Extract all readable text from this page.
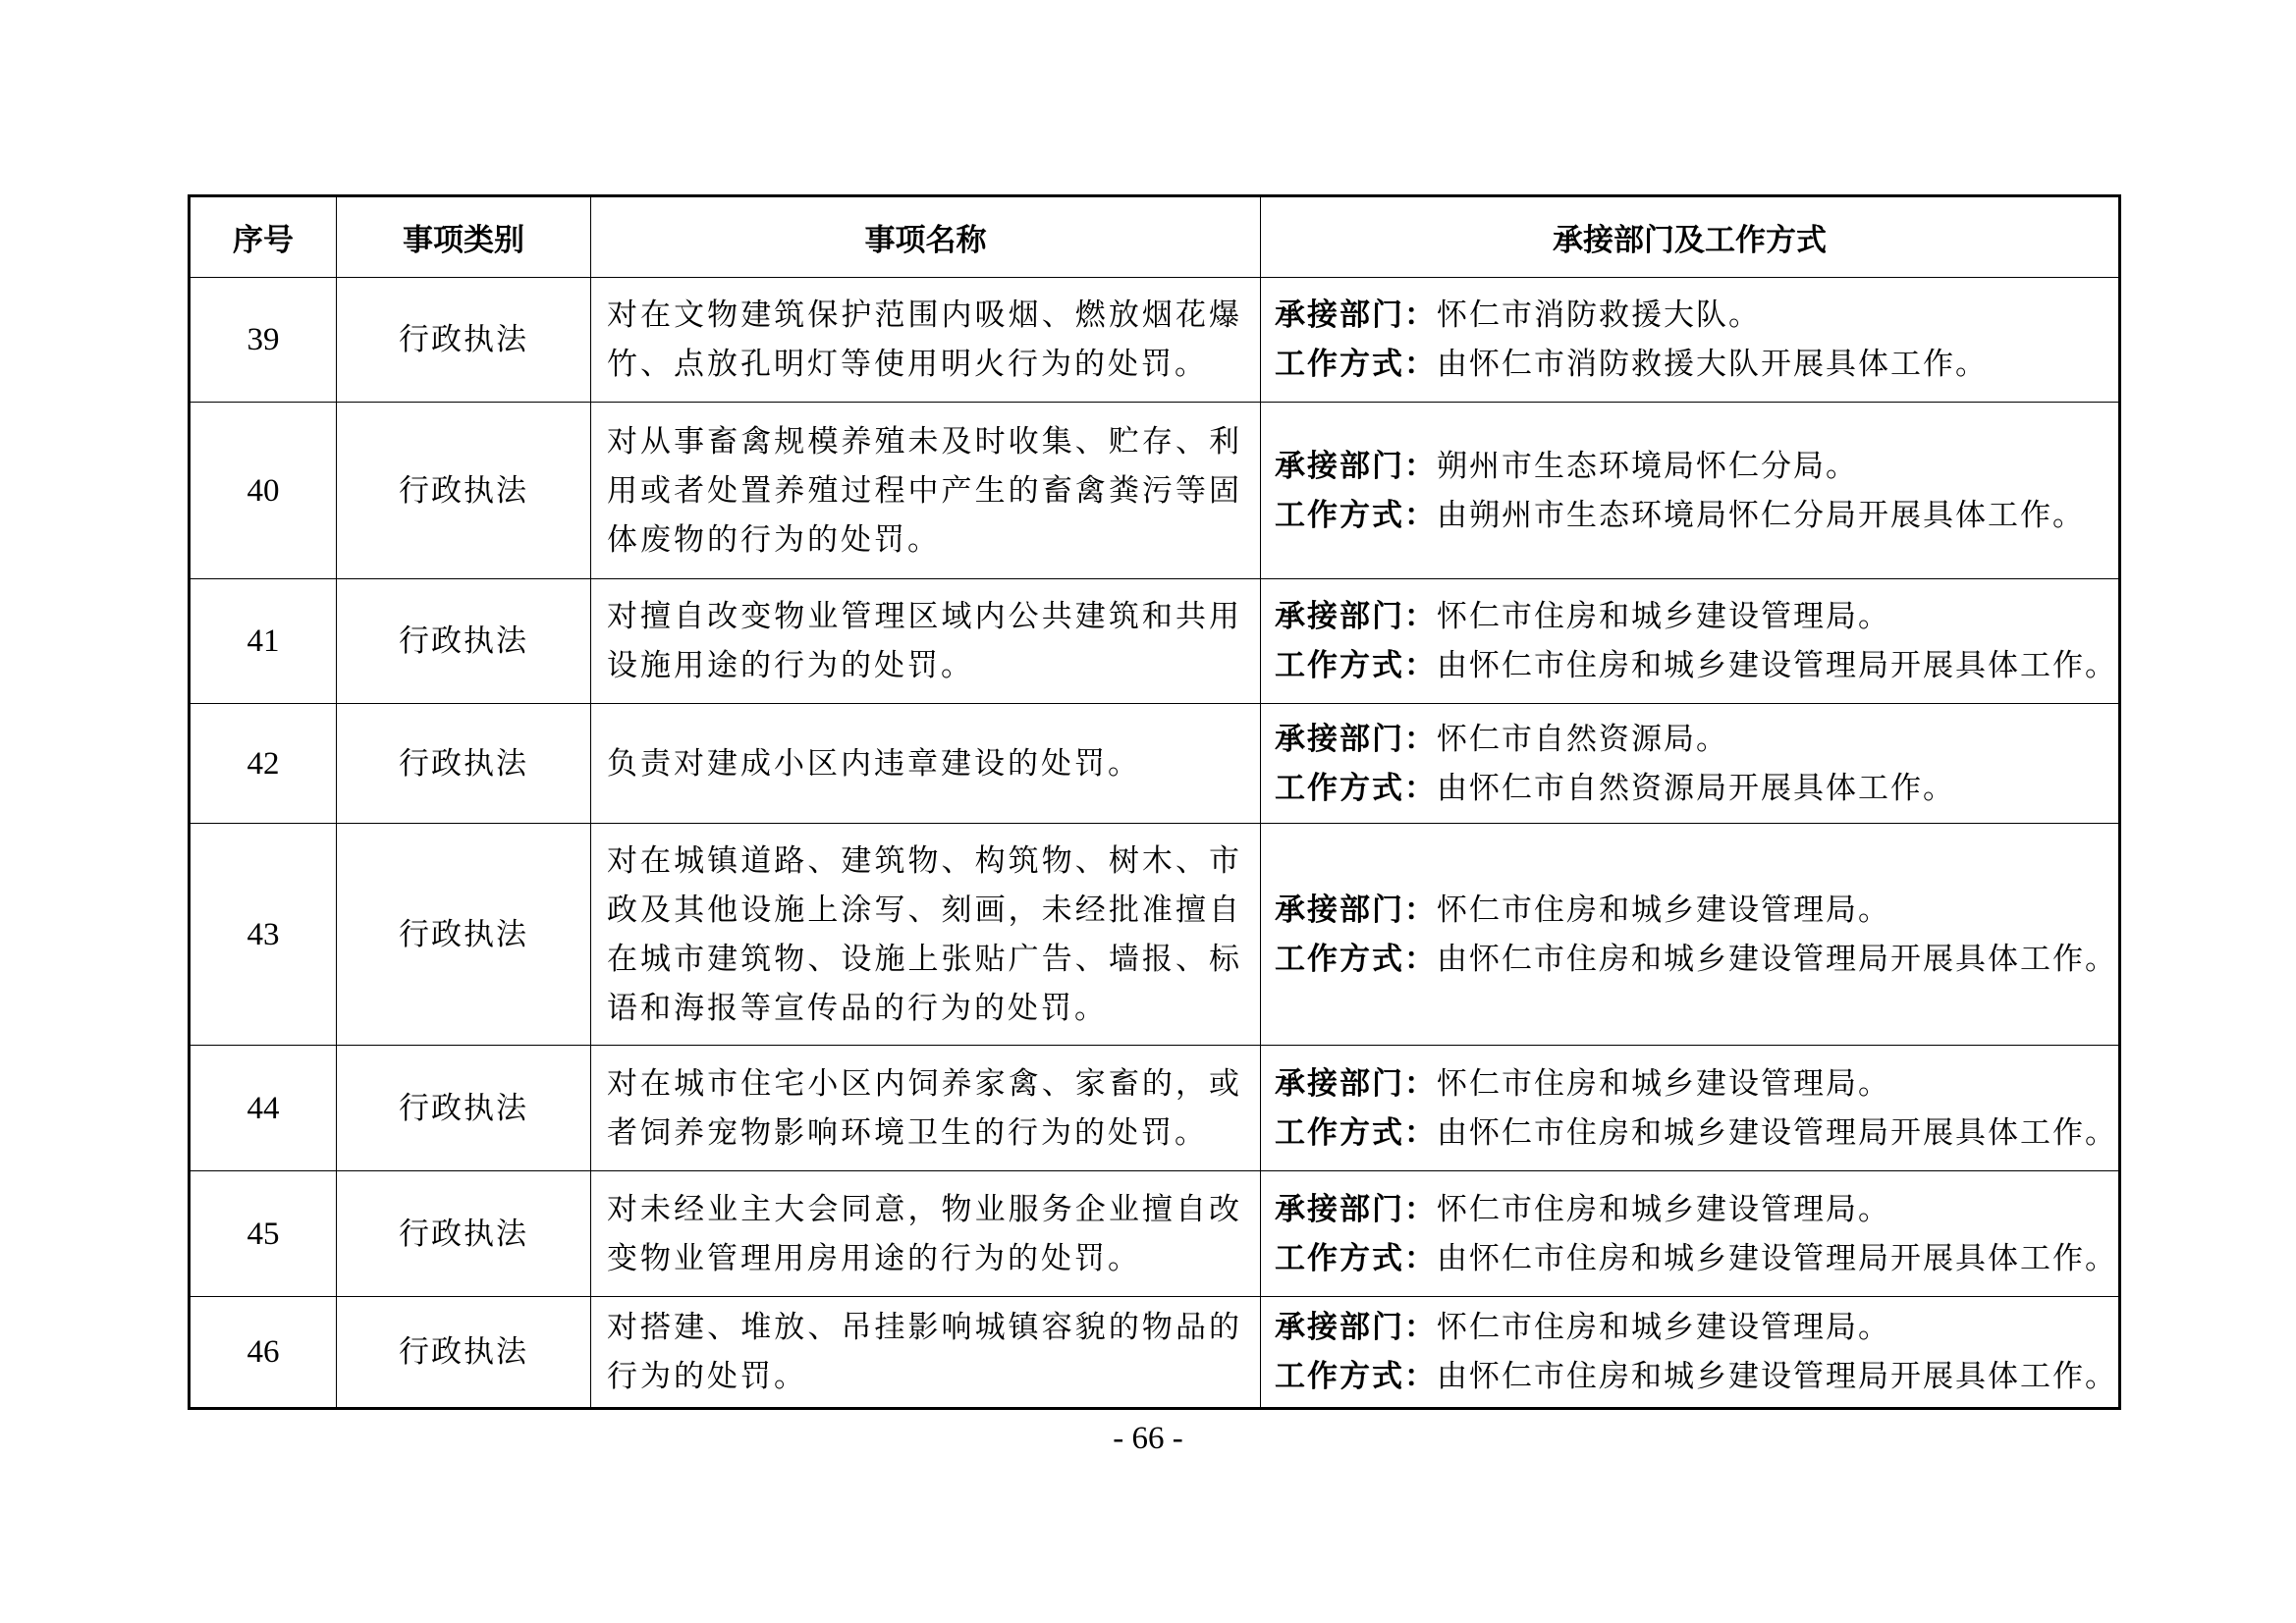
序号	事项类别	事项名称	承接部门及工作方式
39	行政执法	对在文物建筑保护范围内吸烟、燃放烟花爆竹、点放孔明灯等使用明火行为的处罚。	承接部门：怀仁市消防救援大队。
工作方式：由怀仁市消防救援大队开展具体工作。

40	行政执法	对从事畜禽规模养殖未及时收集、贮存、利用或者处置养殖过程中产生的畜禽粪污等固体废物的行为的处罚。	承接部门：朔州市生态环境局怀仁分局。
工作方式：由朔州市生态环境局怀仁分局开展具体工作。

41	行政执法	对擅自改变物业管理区域内公共建筑和共用设施用途的行为的处罚。	承接部门：怀仁市住房和城乡建设管理局。
工作方式：由怀仁市住房和城乡建设管理局开展具体工作。

42	行政执法	负责对建成小区内违章建设的处罚。	承接部门：怀仁市自然资源局。
工作方式：由怀仁市自然资源局开展具体工作。

43	行政执法	对在城镇道路、建筑物、构筑物、树木、市政及其他设施上涂写、刻画，未经批准擅自在城市建筑物、设施上张贴广告、墙报、标语和海报等宣传品的行为的处罚。	承接部门：怀仁市住房和城乡建设管理局。
工作方式：由怀仁市住房和城乡建设管理局开展具体工作。

44	行政执法	对在城市住宅小区内饲养家禽、家畜的，或者饲养宠物影响环境卫生的行为的处罚。	承接部门：怀仁市住房和城乡建设管理局。
工作方式：由怀仁市住房和城乡建设管理局开展具体工作。

45	行政执法	对未经业主大会同意，物业服务企业擅自改变物业管理用房用途的行为的处罚。	承接部门：怀仁市住房和城乡建设管理局。
工作方式：由怀仁市住房和城乡建设管理局开展具体工作。

46	行政执法	对搭建、堆放、吊挂影响城镇容貌的物品的行为的处罚。	承接部门：怀仁市住房和城乡建设管理局。
工作方式：由怀仁市住房和城乡建设管理局开展具体工作。
- 66 -
